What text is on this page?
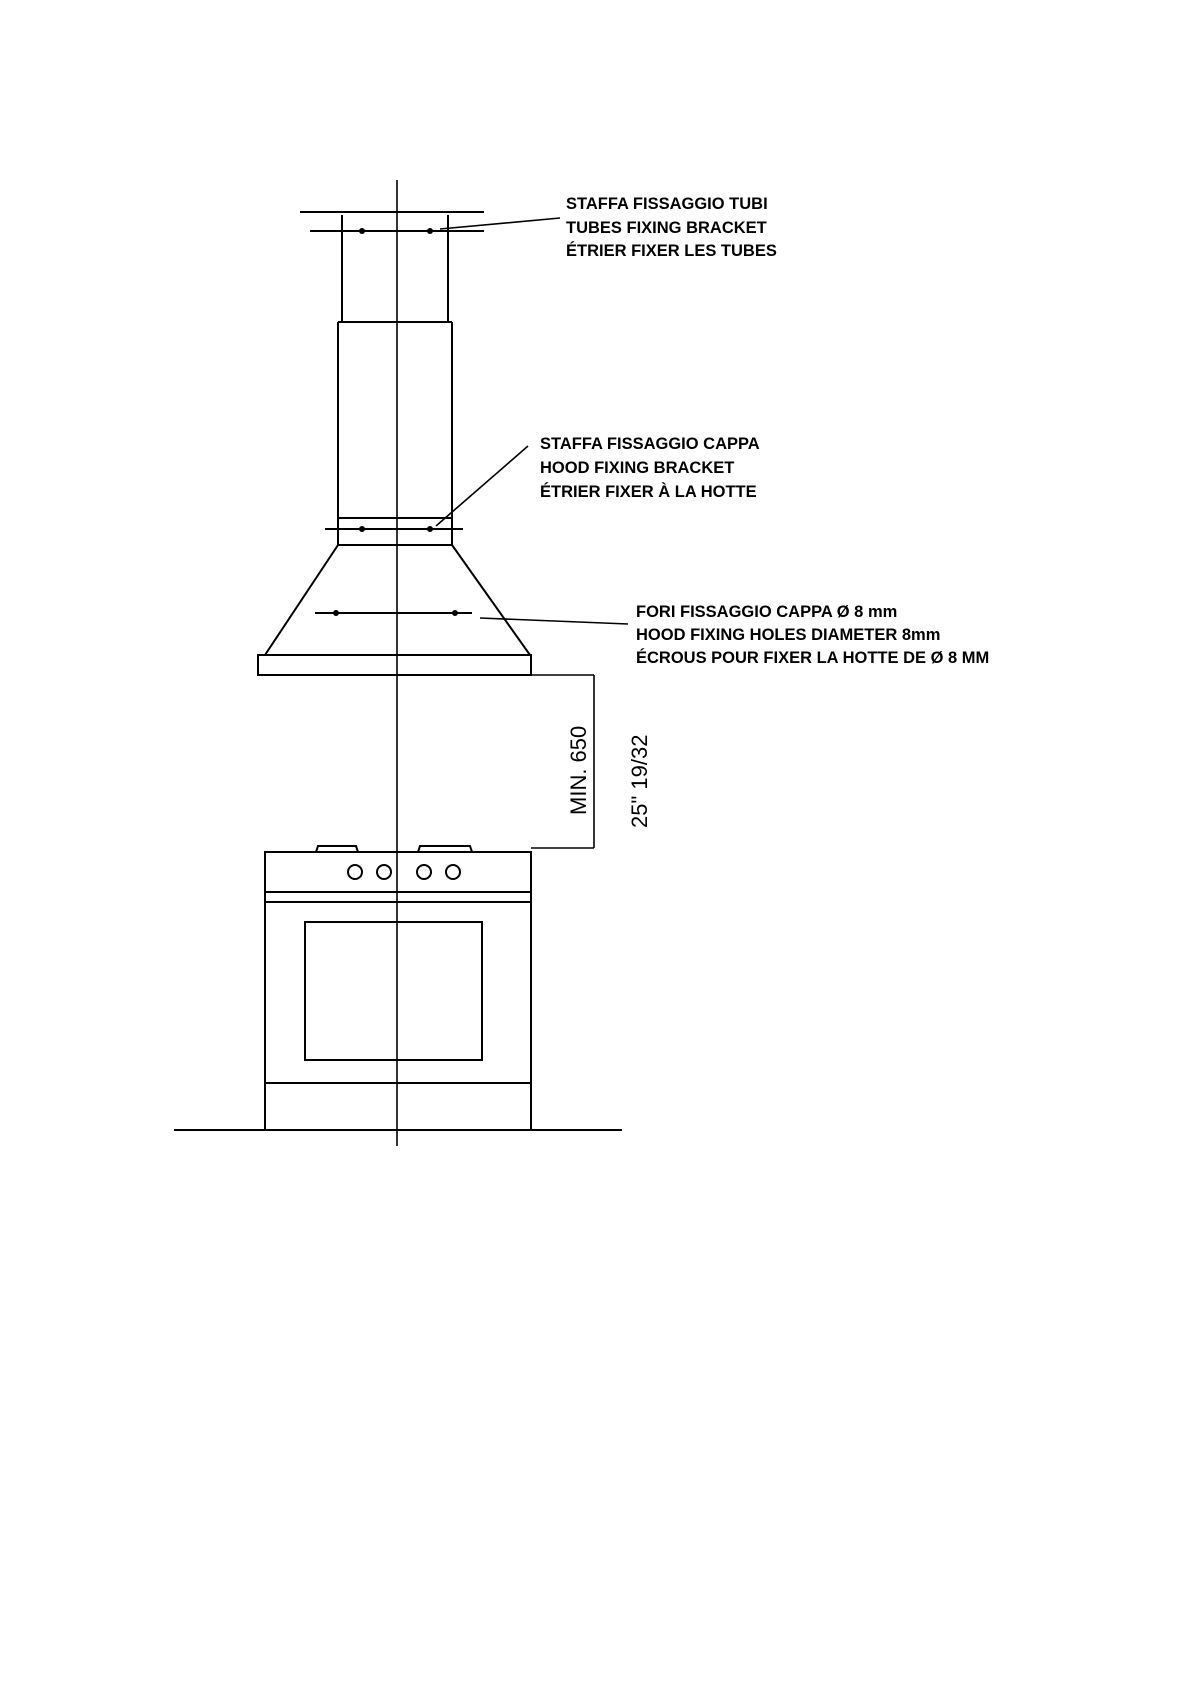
STAFFA FISSAGGIO TUBI
TUBES FIXING BRACKET
ÉTRIER FIXER LES TUBES
STAFFA FISSAGGIO CAPPA
HOOD FIXING BRACKET
ÉTRIER FIXER À LA HOTTE
FORI FISSAGGIO CAPPA Ø 8 mm
HOOD FIXING HOLES DIAMETER 8mm
ÉCROUS POUR FIXER LA HOTTE DE Ø 8 MM
MIN. 650 25" 19/32
